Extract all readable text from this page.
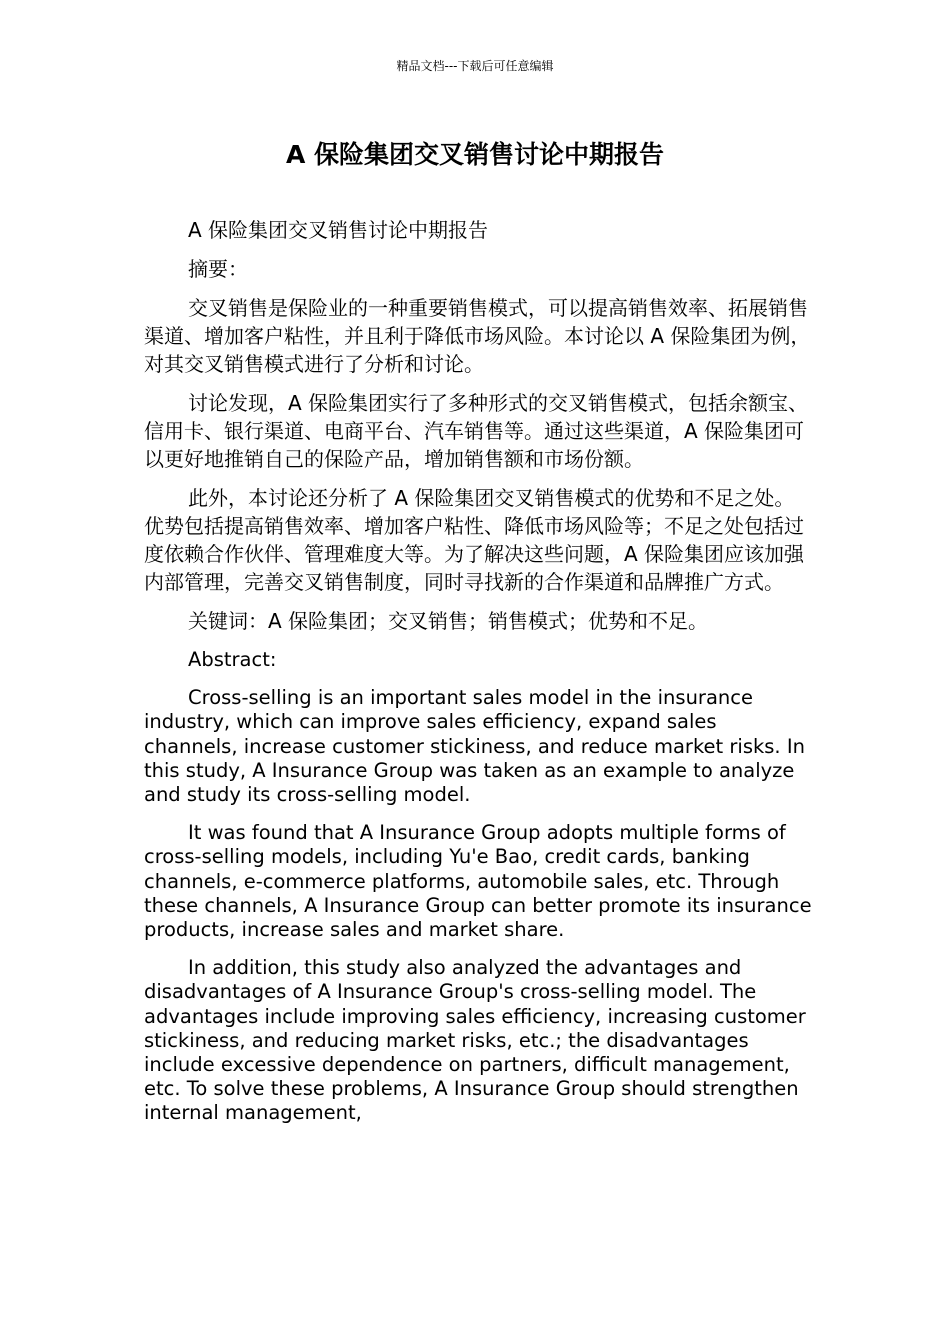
精品文档---下载后可任意编辑
A 保险集团交叉销售讨论中期报告

A 保险集团交叉销售讨论中期报告

摘要：

交叉销售是保险业的一种重要销售模式，可以提高销售效率、拓展销售渠道、增加客户粘性，并且利于降低市场风险。本讨论以 A 保险集团为例，对其交叉销售模式进行了分析和讨论。

讨论发现，A 保险集团实行了多种形式的交叉销售模式，包括余额宝、信用卡、银行渠道、电商平台、汽车销售等。通过这些渠道，A 保险集团可以更好地推销自己的保险产品，增加销售额和市场份额。

此外，本讨论还分析了 A 保险集团交叉销售模式的优势和不足之处。优势包括提高销售效率、增加客户粘性、降低市场风险等；不足之处包括过度依赖合作伙伴、管理难度大等。为了解决这些问题，A 保险集团应该加强内部管理，完善交叉销售制度，同时寻找新的合作渠道和品牌推广方式。

关键词：A 保险集团；交叉销售；销售模式；优势和不足。

Abstract:

Cross-selling is an important sales model in the insurance industry, which can improve sales efficiency, expand sales channels, increase customer stickiness, and reduce market risks. In this study, A Insurance Group was taken as an example to analyze and study its cross-selling model.

It was found that A Insurance Group adopts multiple forms of cross-selling models, including Yu'e Bao, credit cards, banking channels, e-commerce platforms, automobile sales, etc. Through these channels, A Insurance Group can better promote its insurance products, increase sales and market share.

In addition, this study also analyzed the advantages and disadvantages of A Insurance Group's cross-selling model. The advantages include improving sales efficiency, increasing customer stickiness, and reducing market risks, etc.; the disadvantages include excessive dependence on partners, difficult management, etc. To solve these problems, A Insurance Group should strengthen internal management,
